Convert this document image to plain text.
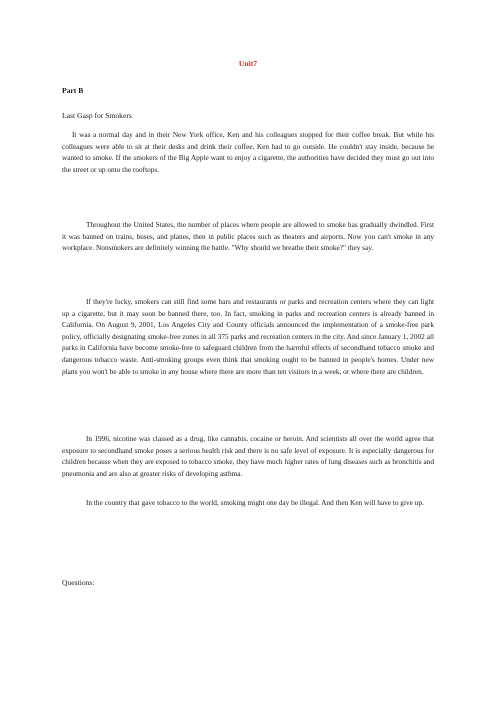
Unit7
Part B
Last Gasp for Smokers

It was a normal day and in their New York office, Ken and his colleagues stopped for their coffee break. But while his colleagues were able to sit at their desks and drink their coffee, Ken had to go outside. He couldn't stay inside, because he wanted to smoke. If the smokers of the Big Apple want to enjoy a cigarette, the authorities have decided they must go out into the street or up onto the rooftops.

Throughout the United States, the number of places where people are allowed to smoke has gradually dwindled. First it was banned on trains, buses, and planes, then in public places such as theaters and airports. Now you can't smoke in any workplace. Nonsmokers are definitely winning the battle. "Why should we breathe their smoke?" they say.

If they're lucky, smokers can still find some bars and restaurants or parks and recreation centers where they can light up a cigarette, but it may soon be banned there, too. In fact, smoking in parks and recreation centers is already banned in California. On August 9, 2001, Los Angeles City and County officials announced the implementation of a smoke-free park policy, officially designating smoke-free zones in all 375 parks and recreation centers in the city. And since January 1, 2002 all parks in California have become smoke-free to safeguard children from the harmful effects of secondhand tobacco smoke and dangerous tobacco waste. Anti-smoking groups even think that smoking ought to be banned in people's homes. Under new plans you won't be able to smoke in any house where there are more than ten visitors in a week, or where there are children.

In 1996, nicotine was classed as a drug, like cannabis, cocaine or heroin. And scientists all over the world agree that exposure to secondhand smoke poses a serious health risk and there is no safe level of exposure. It is especially dangerous for children because when they are exposed to tobacco smoke, they have much higher rates of lung diseases such as bronchitis and pneumonia and are also at greater risks of developing asthma.

In the country that gave tobacco to the world, smoking might one day be illegal. And then Ken will have to give up.

Questions:
